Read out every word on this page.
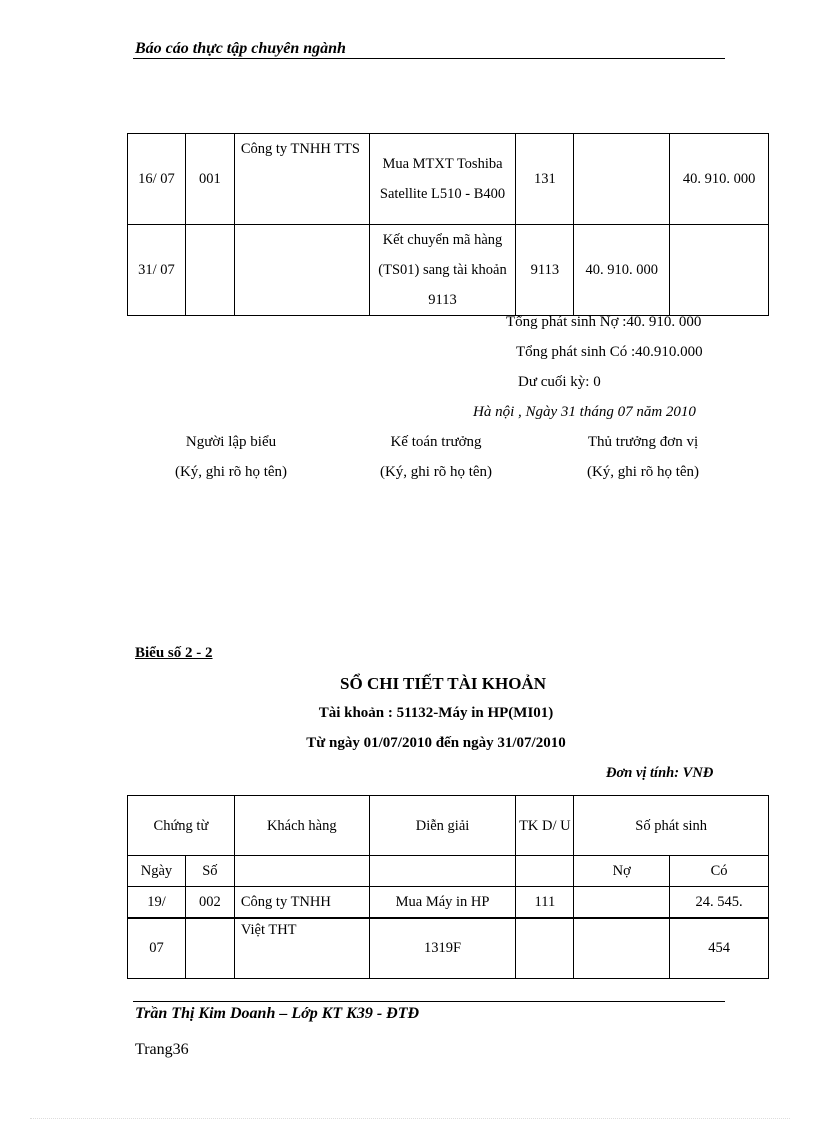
Báo cáo thực tập chuyên ngành
16/ 07	001	Công ty TNHH TTS	Mua MTXT Toshiba Satellite L510 - B400	131		40. 910. 000
31/ 07			Kết chuyển mã hàng (TS01) sang tài khoản 9113	9113	40. 910. 000	
Tổng phát sinh Nợ :40. 910. 000
Tổng phát sinh Có :40.910.000
Dư cuối kỳ: 0
Hà nội , Ngày 31 tháng 07 năm 2010
Người lập biểu
(Ký, ghi rõ họ tên)
Kế toán trưởng
(Ký, ghi rõ họ tên)
Thủ trưởng đơn vị
(Ký, ghi rõ họ tên)
Biểu số 2 - 2
SỔ CHI TIẾT TÀI KHOẢN
Tài khoản : 51132-Máy in HP(MI01)
Từ ngày 01/07/2010 đến ngày 31/07/2010
Đơn vị tính: VNĐ
Chứng từ		Khách hàng	Diễn giải	TK D/ U	Số phát sinh	
Ngày	Số				Nợ	Có
19/	002	Công ty TNHH	Mua Máy in HP	111		24. 545.
07		Việt THT	1319F			454
Trần Thị Kim Doanh – Lớp KT K39 - ĐTĐ
Trang36
